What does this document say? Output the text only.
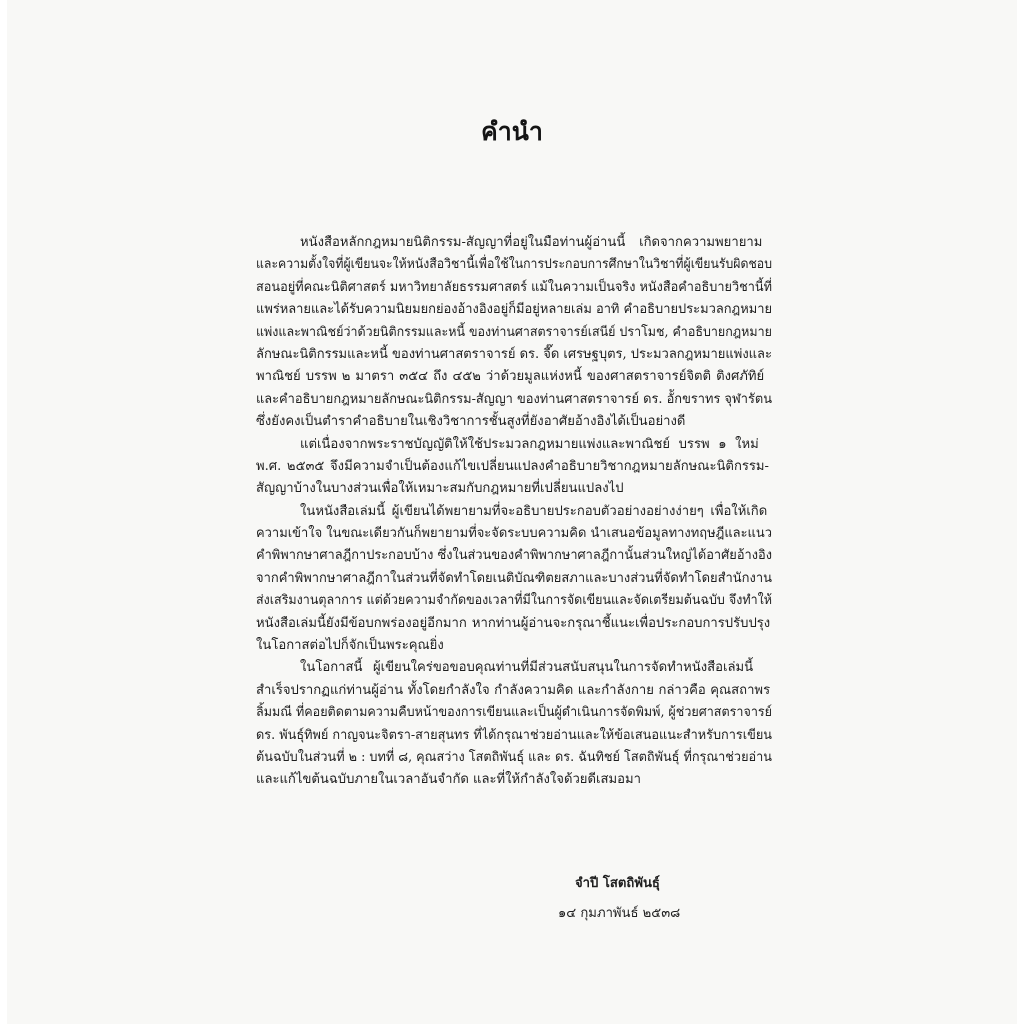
คำนำ
หนังสือหลักกฎหมายนิติกรรม-สัญญาที่อยู่ในมือท่านผู้อ่านนี้ เกิดจากความพยายาม
และความตั้งใจที่ผู้เขียนจะให้หนังสือวิชานี้เพื่อใช้ในการประกอบการศึกษาในวิชาที่ผู้เขียนรับผิดชอบ
สอนอยู่ที่คณะนิติศาสตร์ มหาวิทยาลัยธรรมศาสตร์ แม้ในความเป็นจริง หนังสือคำอธิบายวิชานี้ที่
แพร่หลายและได้รับความนิยมยกย่องอ้างอิงอยู่ก็มีอยู่หลายเล่ม อาทิ คำอธิบายประมวลกฎหมาย
แพ่งและพาณิชย์ว่าด้วยนิติกรรมและหนี้ ของท่านศาสตราจารย์เสนีย์ ปราโมช, คำอธิบายกฎหมาย
ลักษณะนิติกรรมและหนี้ ของท่านศาสตราจารย์ ดร. จี๊ด เศรษฐบุตร, ประมวลกฎหมายแพ่งและ
พาณิชย์ บรรพ ๒ มาตรา ๓๕๔ ถึง ๔๕๒ ว่าด้วยมูลแห่งหนี้ ของศาสตราจารย์จิตติ ติงศภัทิย์
และคำอธิบายกฎหมายลักษณะนิติกรรม-สัญญา ของท่านศาสตราจารย์ ดร. อัักขราทร จุฬารัตน
ซึ่งยังคงเป็นตำราคำอธิบายในเชิงวิชาการชั้นสูงที่ยังอาศัยอ้างอิงได้เป็นอย่างดี
แต่เนื่องจากพระราชบัญญัติให้ใช้ประมวลกฎหมายแพ่งและพาณิชย์ บรรพ ๑ ใหม่
พ.ศ. ๒๕๓๕ จึงมีความจำเป็นต้องแก้ไขเปลี่ยนแปลงคำอธิบายวิชากฎหมายลักษณะนิติกรรม-
สัญญาบ้างในบางส่วนเพื่อให้เหมาะสมกับกฎหมายที่เปลี่ยนแปลงไป
ในหนังสือเล่มนี้ ผู้เขียนได้พยายามที่จะอธิบายประกอบตัวอย่างอย่างง่ายๆ เพื่อให้เกิด
ความเข้าใจ ในขณะเดียวกันก็พยายามที่จะจัดระบบความคิด นำเสนอข้อมูลทางทฤษฎีและแนว
คำพิพากษาศาลฎีกาประกอบบ้าง ซึ่งในส่วนของคำพิพากษาศาลฎีกานั้นส่วนใหญ่ได้อาศัยอ้างอิง
จากคำพิพากษาศาลฎีกาในส่วนที่จัดทำโดยเนติบัณฑิตยสภาและบางส่วนที่จัดทำโดยสำนักงาน
ส่งเสริมงานตุลาการ แต่ด้วยความจำกัดของเวลาที่มีในการจัดเขียนและจัดเตรียมต้นฉบับ จึงทำให้
หนังสือเล่มนี้ยังมีข้อบกพร่องอยู่อีกมาก หากท่านผู้อ่านจะกรุณาชี้แนะเพื่อประกอบการปรับปรุง
ในโอกาสต่อไปก็จักเป็นพระคุณยิ่ง
ในโอกาสนี้ ผู้เขียนใคร่ขอขอบคุณท่านที่มีส่วนสนับสนุนในการจัดทำหนังสือเล่มนี้
สำเร็จปรากฏแก่ท่านผู้อ่าน ทั้งโดยกำลังใจ กำลังความคิด และกำลังกาย กล่าวคือ คุณสถาพร
ลิ้มมณี ที่คอยติดตามความคืบหน้าของการเขียนและเป็นผู้ดำเนินการจัดพิมพ์, ผู้ช่วยศาสตราจารย์
ดร. พันธุ์ทิพย์ กาญจนะจิตรา-สายสุนทร ที่ได้กรุณาช่วยอ่านและให้ข้อเสนอแนะสำหรับการเขียน
ต้นฉบับในส่วนที่ ๒ : บทที่ ๘, คุณสว่าง โสตถิพันธุ์ และ ดร. ฉันทิชย์ โสตถิพันธุ์ ที่กรุณาช่วยอ่าน
และแก้ไขต้นฉบับภายในเวลาอันจำกัด และที่ให้กำลังใจด้วยดีเสมอมา
จำปี โสตถิพันธุ์
๑๔ กุมภาพันธ์ ๒๕๓๘
